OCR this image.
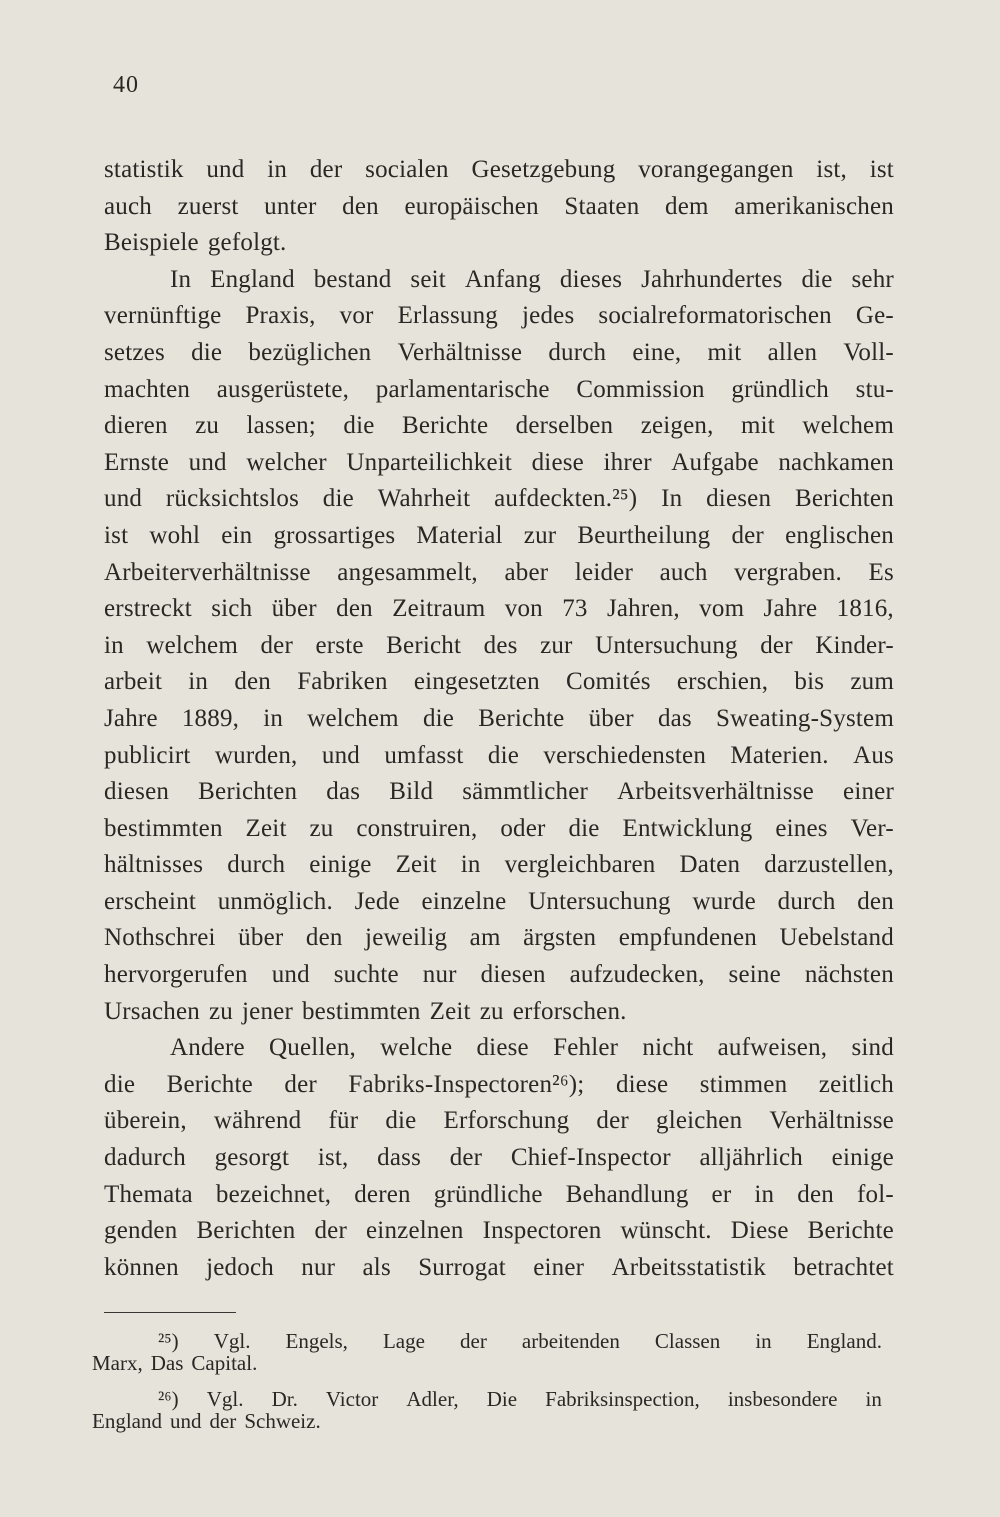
40
statistik und in der socialen Gesetzgebung vorangegangen ist, ist
auch zuerst unter den europäischen Staaten dem amerikanischen
Beispiele gefolgt.
In England bestand seit Anfang dieses Jahrhundertes die sehr
vernünftige Praxis, vor Erlassung jedes socialreformatorischen Ge-
setzes die bezüglichen Verhältnisse durch eine, mit allen Voll-
machten ausgerüstete, parlamentarische Commission gründlich stu-
dieren zu lassen; die Berichte derselben zeigen, mit welchem
Ernste und welcher Unparteilichkeit diese ihrer Aufgabe nachkamen
und rücksichtslos die Wahrheit aufdeckten.²⁵) In diesen Berichten
ist wohl ein grossartiges Material zur Beurtheilung der englischen
Arbeiterverhältnisse angesammelt, aber leider auch vergraben. Es
erstreckt sich über den Zeitraum von 73 Jahren, vom Jahre 1816,
in welchem der erste Bericht des zur Untersuchung der Kinder-
arbeit in den Fabriken eingesetzten Comités erschien, bis zum
Jahre 1889, in welchem die Berichte über das Sweating-System
publicirt wurden, und umfasst die verschiedensten Materien. Aus
diesen Berichten das Bild sämmtlicher Arbeitsverhältnisse einer
bestimmten Zeit zu construiren, oder die Entwicklung eines Ver-
hältnisses durch einige Zeit in vergleichbaren Daten darzustellen,
erscheint unmöglich. Jede einzelne Untersuchung wurde durch den
Nothschrei über den jeweilig am ärgsten empfundenen Uebelstand
hervorgerufen und suchte nur diesen aufzudecken, seine nächsten
Ursachen zu jener bestimmten Zeit zu erforschen.
Andere Quellen, welche diese Fehler nicht aufweisen, sind
die Berichte der Fabriks-Inspectoren²⁶); diese stimmen zeitlich
überein, während für die Erforschung der gleichen Verhältnisse
dadurch gesorgt ist, dass der Chief-Inspector alljährlich einige
Themata bezeichnet, deren gründliche Behandlung er in den fol-
genden Berichten der einzelnen Inspectoren wünscht. Diese Berichte
können jedoch nur als Surrogat einer Arbeitsstatistik betrachtet
²⁵) Vgl. Engels, Lage der arbeitenden Classen in England.
Marx, Das Capital.
²⁶) Vgl. Dr. Victor Adler, Die Fabriksinspection, insbesondere in
England und der Schweiz.
